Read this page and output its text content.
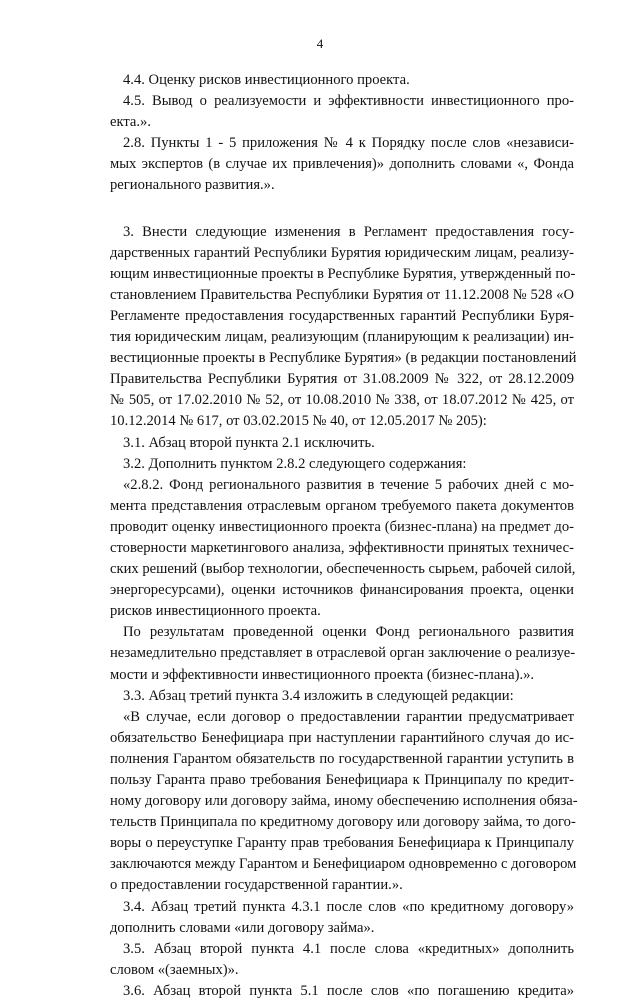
4
4.4. Оценку рисков инвестиционного проекта.
4.5. Вывод о реализуемости и эффективности инвестиционного про-
екта.».
2.8. Пункты 1 - 5 приложения № 4 к Порядку после слов «независи-
мых экспертов (в случае их привлечения)» дополнить словами «, Фонда
регионального развития.».
3. Внести следующие изменения в Регламент предоставления госу-
дарственных гарантий Республики Бурятия юридическим лицам, реализу-
ющим инвестиционные проекты в Республике Бурятия, утвержденный по-
становлением Правительства Республики Бурятия от 11.12.2008 № 528 «О
Регламенте предоставления государственных гарантий Республики Буря-
тия юридическим лицам, реализующим (планирующим к реализации) ин-
вестиционные проекты в Республике Бурятия» (в редакции постановлений
Правительства Республики Бурятия от 31.08.2009 № 322, от 28.12.2009
№ 505, от 17.02.2010 № 52, от 10.08.2010 № 338, от 18.07.2012 № 425, от
10.12.2014 № 617, от 03.02.2015 № 40, от 12.05.2017 № 205):
3.1. Абзац второй пункта 2.1 исключить.
3.2. Дополнить пунктом 2.8.2 следующего содержания:
«2.8.2. Фонд регионального развития в течение 5 рабочих дней с мо-
мента представления отраслевым органом требуемого пакета документов
проводит оценку инвестиционного проекта (бизнес-плана) на предмет до-
стоверности маркетингового анализа, эффективности принятых техничес-
ских решений (выбор технологии, обеспеченность сырьем, рабочей силой,
энергоресурсами), оценки источников финансирования проекта, оценки
рисков инвестиционного проекта.
По результатам проведенной оценки Фонд регионального развития
незамедлительно представляет в отраслевой орган заключение о реализуе-
мости и эффективности инвестиционного проекта (бизнес-плана).».
3.3. Абзац третий пункта 3.4 изложить в следующей редакции:
«В случае, если договор о предоставлении гарантии предусматривает
обязательство Бенефициара при наступлении гарантийного случая до ис-
полнения Гарантом обязательств по государственной гарантии уступить в
пользу Гаранта право требования Бенефициара к Принципалу по кредит-
ному договору или договору займа, иному обеспечению исполнения обяза-
тельств Принципала по кредитному договору или договору займа, то дого-
воры о переуступке Гаранту прав требования Бенефициара к Принципалу
заключаются между Гарантом и Бенефициаром одновременно с договором
о предоставлении государственной гарантии.».
3.4. Абзац третий пункта 4.3.1 после слов «по кредитному договору»
дополнить словами «или договору займа».
3.5. Абзац второй пункта 4.1 после слова «кредитных» дополнить
словом «(заемных)».
3.6. Абзац второй пункта 5.1 после слов «по погашению кредита»
